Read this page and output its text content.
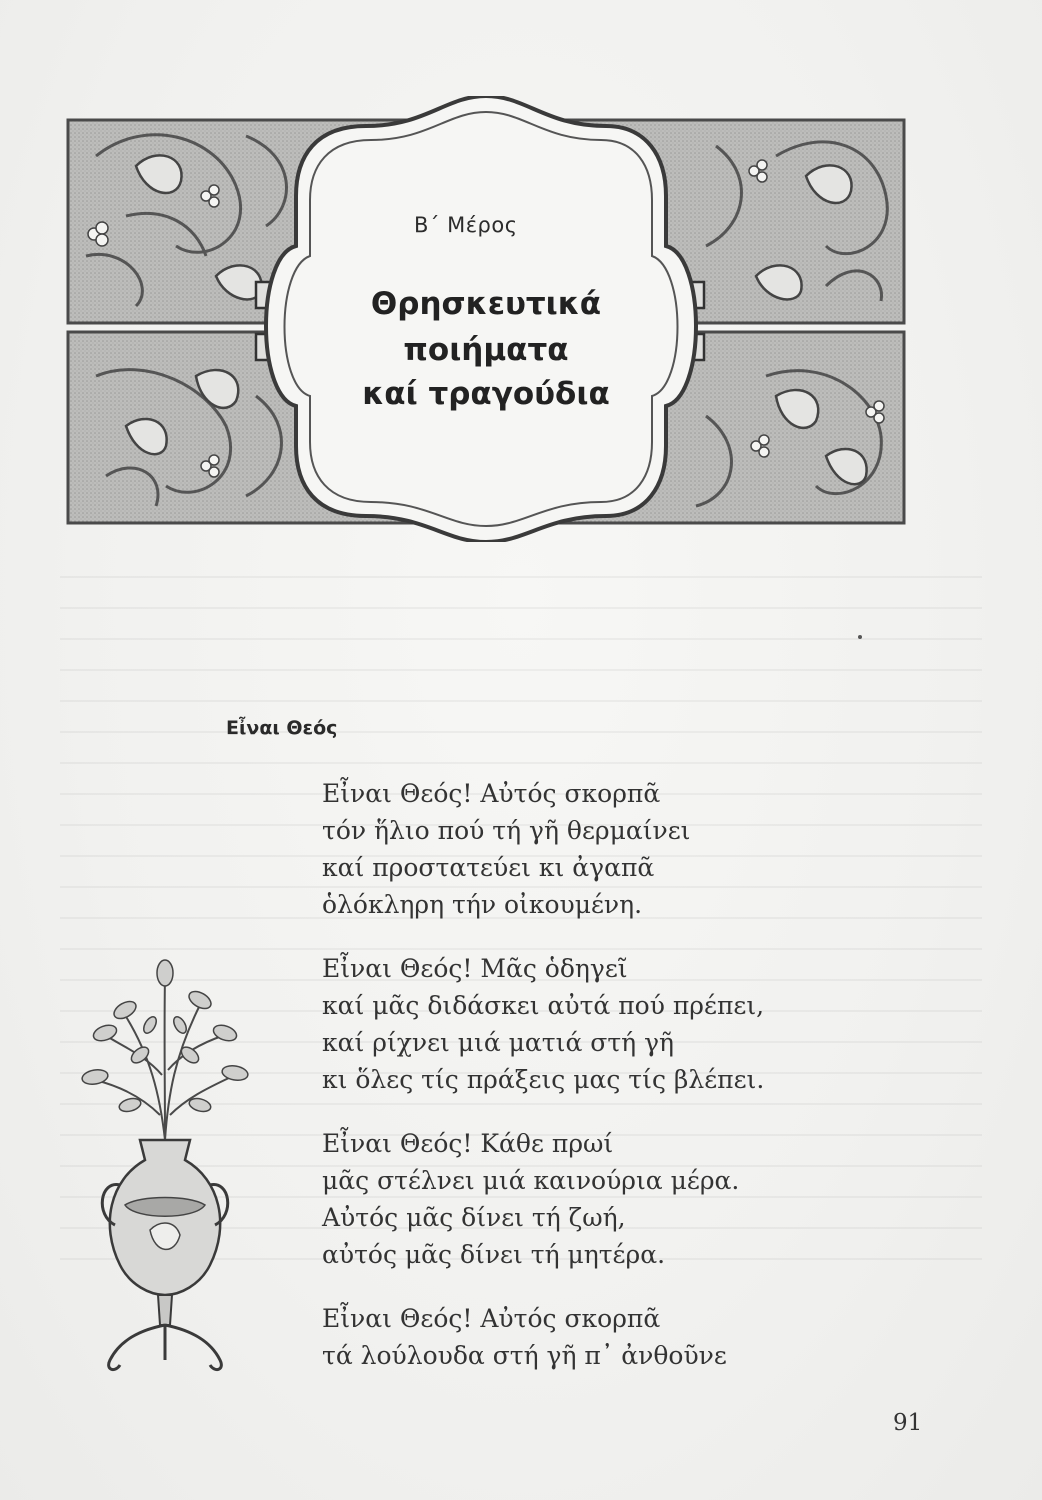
Β΄ Μέρος
Θρησκευτικά
ποιήματα
καί τραγούδια
Εἶναι Θεός
Εἶναι Θεός! Αὐτός σκορπᾶ
τόν ἥλιο πού τή γῆ θερμαίνει
καί προστατεύει κι ἀγαπᾶ
ὁλόκληρη τήν οἰκουμένη.
Εἶναι Θεός! Μᾶς ὁδηγεῖ
καί μᾶς διδάσκει αὐτά πού πρέπει,
καί ρίχνει μιά ματιά στή γῆ
κι ὅλες τίς πράξεις μας τίς βλέπει.
Εἶναι Θεός! Κάθε πρωί
μᾶς στέλνει μιά καινούρια μέρα.
Αὐτός μᾶς δίνει τή ζωή,
αὐτός μᾶς δίνει τή μητέρα.
Εἶναι Θεός! Αὐτός σκορπᾶ
τά λούλουδα στή γῆ π᾽ ἀνθοῦνε
91
